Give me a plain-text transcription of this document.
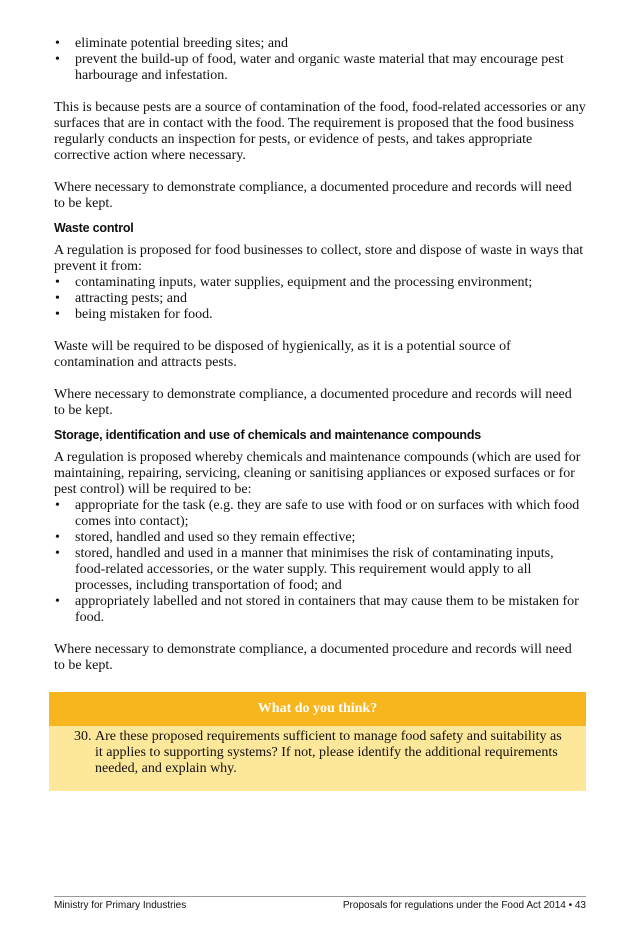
• eliminate potential breeding sites; and
• prevent the build-up of food, water and organic waste material that may encourage pest harbourage and infestation.

This is because pests are a source of contamination of the food, food-related accessories or any surfaces that are in contact with the food. The requirement is proposed that the food business regularly conducts an inspection for pests, or evidence of pests, and takes appropriate corrective action where necessary.

Where necessary to demonstrate compliance, a documented procedure and records will need to be kept.

Waste control

A regulation is proposed for food businesses to collect, store and dispose of waste in ways that prevent it from:

• contaminating inputs, water supplies, equipment and the processing environment;
• attracting pests; and
• being mistaken for food.

Waste will be required to be disposed of hygienically, as it is a potential source of contamination and attracts pests.

Where necessary to demonstrate compliance, a documented procedure and records will need to be kept.

Storage, identification and use of chemicals and maintenance compounds

A regulation is proposed whereby chemicals and maintenance compounds (which are used for maintaining, repairing, servicing, cleaning or sanitising appliances or exposed surfaces or for pest control) will be required to be:

• appropriate for the task (e.g. they are safe to use with food or on surfaces with which food comes into contact);
• stored, handled and used so they remain effective;
• stored, handled and used in a manner that minimises the risk of contaminating inputs, food-related accessories, or the water supply. This requirement would apply to all processes, including transportation of food; and
• appropriately labelled and not stored in containers that may cause them to be mistaken for food.

Where necessary to demonstrate compliance, a documented procedure and records will need to be kept.

What do you think?
30. Are these proposed requirements sufficient to manage food safety and suitability as it applies to supporting systems? If not, please identify the additional requirements needed, and explain why.
Ministry for Primary Industries	Proposals for regulations under the Food Act 2014 • 43
